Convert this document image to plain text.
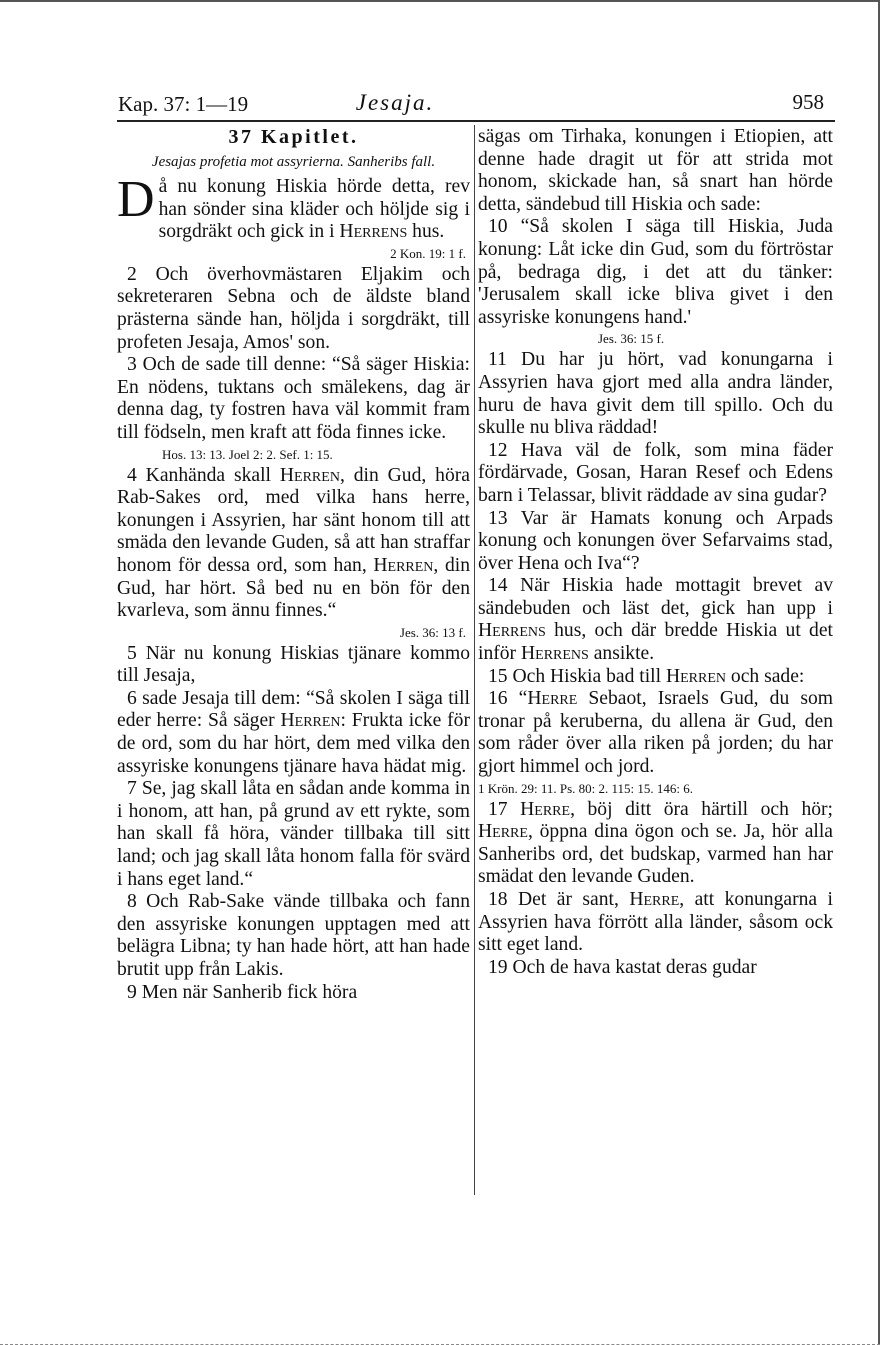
Kap. 37: 1—19	Jesaja.	958

37 Kapitlet.

Jesajas profetia mot assyrierna. Sanheribs fall.

Då nu konung Hiskia hörde detta, rev han sönder sina kläder och höljde sig i sorgdräkt och gick in i Herrens hus.

2 Kon. 19: 1 f.

2 Och överhovmästaren Eljakim och sekreteraren Sebna och de äldste bland prästerna sände han, höljda i sorgdräkt, till profeten Jesaja, Amos' son.

3 Och de sade till denne: “Så säger Hiskia: En nödens, tuktans och smälekens, dag är denna dag, ty fostren hava väl kommit fram till födseln, men kraft att föda finnes icke.

Hos. 13: 13. Joel 2: 2. Sef. 1: 15.

4 Kanhända skall Herren, din Gud, höra Rab-Sakes ord, med vilka hans herre, konungen i Assyrien, har sänt honom till att smäda den levande Guden, så att han straffar honom för dessa ord, som han, Herren, din Gud, har hört. Så bed nu en bön för den kvarleva, som ännu finnes.“

Jes. 36: 13 f.

5 När nu konung Hiskias tjänare kommo till Jesaja,

6 sade Jesaja till dem: “Så skolen I säga till eder herre: Så säger Herren: Frukta icke för de ord, som du har hört, dem med vilka den assyriske konungens tjänare hava hädat mig.

7 Se, jag skall låta en sådan ande komma in i honom, att han, på grund av ett rykte, som han skall få höra, vänder tillbaka till sitt land; och jag skall låta honom falla för svärd i hans eget land.“

8 Och Rab-Sake vände tillbaka och fann den assyriske konungen upptagen med att belägra Libna; ty han hade hört, att han hade brutit upp från Lakis.

9 Men när Sanherib fick höra

sägas om Tirhaka, konungen i Etiopien, att denne hade dragit ut för att strida mot honom, skickade han, så snart han hörde detta, sändebud till Hiskia och sade:

10 “Så skolen I säga till Hiskia, Juda konung: Låt icke din Gud, som du förtröstar på, bedraga dig, i det att du tänker: 'Jerusalem skall icke bliva givet i den assyriske konungens hand.'

Jes. 36: 15 f.

11 Du har ju hört, vad konungarna i Assyrien hava gjort med alla andra länder, huru de hava givit dem till spillo. Och du skulle nu bliva räddad!

12 Hava väl de folk, som mina fäder fördärvade, Gosan, Haran Resef och Edens barn i Telassar, blivit räddade av sina gudar?

13 Var är Hamats konung och Arpads konung och konungen över Sefarvaims stad, över Hena och Iva“?

14 När Hiskia hade mottagit brevet av sändebuden och läst det, gick han upp i Herrens hus, och där bredde Hiskia ut det inför Herrens ansikte.

15 Och Hiskia bad till Herren och sade:

16 “Herre Sebaot, Israels Gud, du som tronar på keruberna, du allena är Gud, den som råder över alla riken på jorden; du har gjort himmel och jord.

1 Krön. 29: 11. Ps. 80: 2. 115: 15. 146: 6.

17 Herre, böj ditt öra härtill och hör; Herre, öppna dina ögon och se. Ja, hör alla Sanheribs ord, det budskap, varmed han har smädat den levande Guden.

18 Det är sant, Herre, att konungarna i Assyrien hava förrött alla länder, såsom ock sitt eget land.

19 Och de hava kastat deras gudar
